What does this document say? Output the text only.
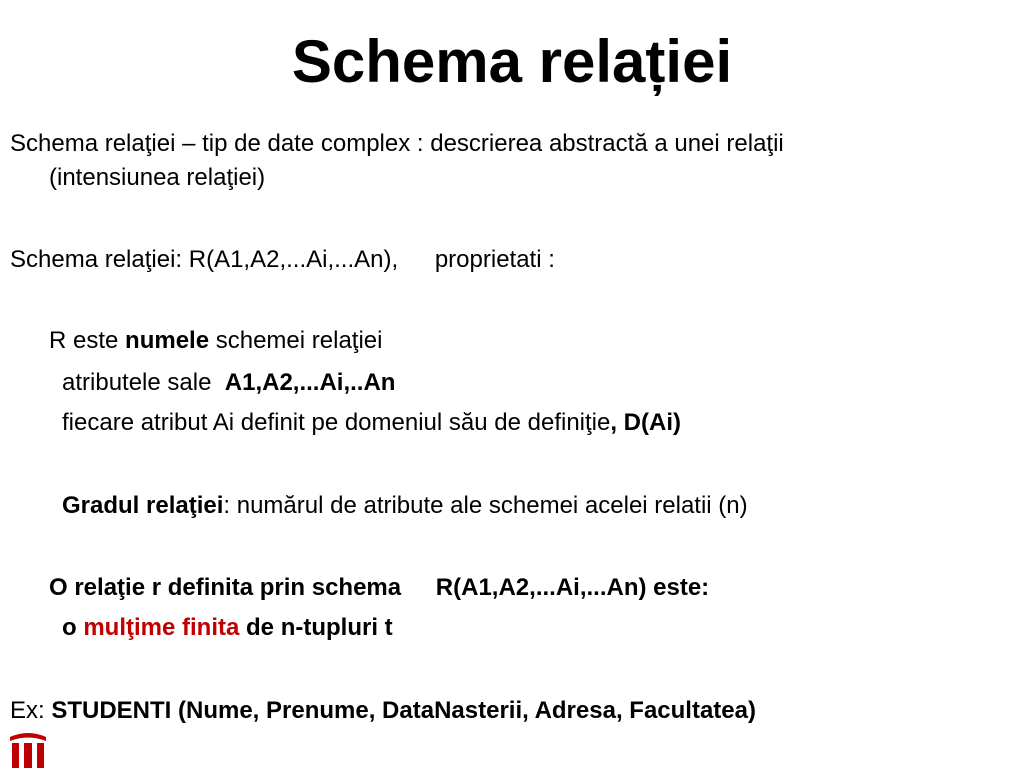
Schema relației
Schema relaţiei – tip de date complex : descrierea abstractă a unei relaţii
(intensiunea relaţiei)
Schema relaţiei: R(A1,A2,...Ai,...An), proprietati :
R este numele schemei relaţiei
atributele sale  A1,A2,...Ai,..An
fiecare atribut Ai definit pe domeniul său de definiţie, D(Ai)
Gradul relaţiei: numărul de atribute ale schemei acelei relatii (n)
O relaţie r definita prin schema R(A1,A2,...Ai,...An) este:
o mulţime finita de n-tupluri t
Ex: STUDENTI (Nume, Prenume, DataNasterii, Adresa, Facultatea)
